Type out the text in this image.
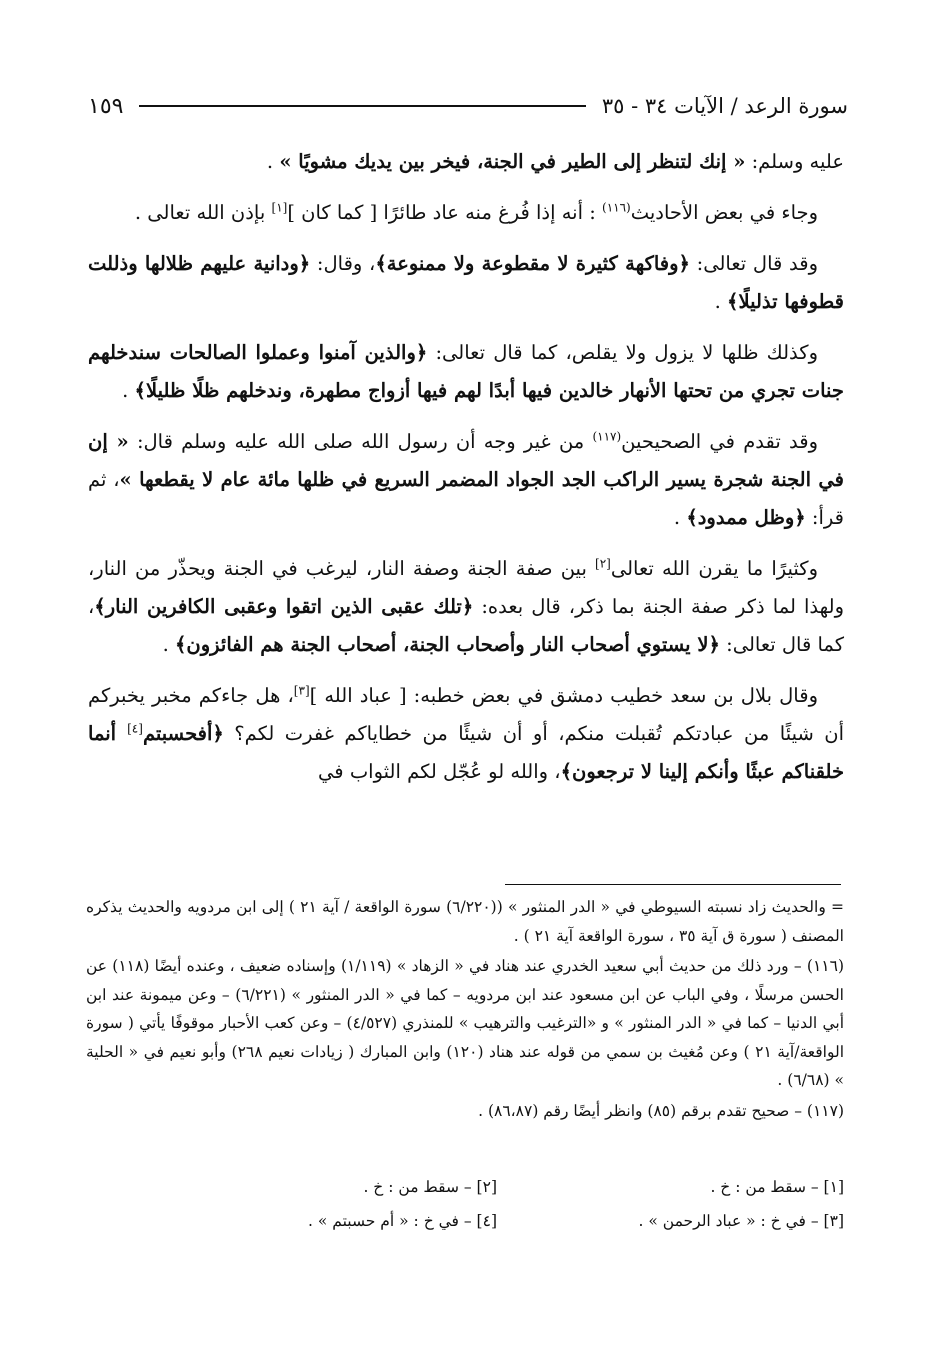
سورة الرعد / الآيات ٣٤ - ٣٥
١٥٩

عليه وسلم: « إنك لتنظر إلى الطير في الجنة، فيخر بين يديك مشويًا » .

وجاء في بعض الأحاديث$^{(١١٦)}$ : أنه إذا فُرغ منه عاد طائرًا [ كما كان ][١] بإذن الله تعالى .

وقد قال تعالى: ﴿وفاكهة كثيرة لا مقطوعة ولا ممنوعة﴾، وقال: ﴿ودانية عليهم ظلالها وذللت قطوفها تذليلًا﴾ .

وكذلك ظلها لا يزول ولا يقلص، كما قال تعالى: ﴿والذين آمنوا وعملوا الصالحات سندخلهم جنات تجري من تحتها الأنهار خالدين فيها أبدًا لهم فيها أزواج مطهرة، وندخلهم ظلًا ظليلًا﴾ .

وقد تقدم في الصحيحين$^{(١١٧)}$ من غير وجه أن رسول الله صلى الله عليه وسلم قال: « إن في الجنة شجرة يسير الراكب الجد الجواد المضمر السريع في ظلها مائة عام لا يقطعها »، ثم قرأ: ﴿وظل ممدود﴾ .

وكثيرًا ما يقرن الله تعالى[٢] بين صفة الجنة وصفة النار، ليرغب في الجنة ويحذّر من النار، ولهذا لما ذكر صفة الجنة بما ذكر، قال بعده: ﴿تلك عقبى الذين اتقوا وعقبى الكافرين النار﴾، كما قال تعالى: ﴿لا يستوي أصحاب النار وأصحاب الجنة، أصحاب الجنة هم الفائزون﴾ .

وقال بلال بن سعد خطيب دمشق في بعض خطبه: [ عباد الله ][٣]، هل جاءكم مخبر يخبركم أن شيئًا من عبادتكم تُقبلت منكم، أو أن شيئًا من خطاياكم غفرت لكم؟ ﴿أفحسبتم[٤] أنما خلقناكم عبثًا وأنكم إلينا لا ترجعون﴾، والله لو عُجّل لكم الثواب في

= والحديث زاد نسبته السيوطي في « الدر المنثور » ((٦/٢٢٠) سورة الواقعة / آية ٢١ ) إلى ابن مردويه والحديث يذكره المصنف ( سورة ق آية ٣٥ ، سورة الواقعة آية ٢١ ) .

(١١٦) – ورد ذلك من حديث أبي سعيد الخدري عند هناد في « الزهاد » (١/١١٩) وإسناده ضعيف ، وعنده أيضًا (١١٨) عن الحسن مرسلًا ، وفي الباب عن ابن مسعود عند ابن مردويه – كما في « الدر المنثور » (٦/٢٢١) – وعن ميمونة عند ابن أبي الدنيا – كما في « الدر المنثور » و «الترغيب والترهيب » للمنذري (٤/٥٢٧) – وعن كعب الأحبار موقوفًا يأتي ( سورة الواقعة/آية ٢١ ) وعن مُغيث بن سمي من قوله عند هناد (١٢٠) وابن المبارك ( زيادات نعيم ٢٦٨) وأبو نعيم في « الحلية » (٦/٦٨) .

(١١٧) – صحيح تقدم برقم (٨٥) وانظر أيضًا رقم (٨٦،٨٧) .

[١] – سقط من : خ .
[٢] – سقط من : خ .
[٣] – في خ : « عباد الرحمن » .
[٤] – في خ : « أم حسبتم » .
